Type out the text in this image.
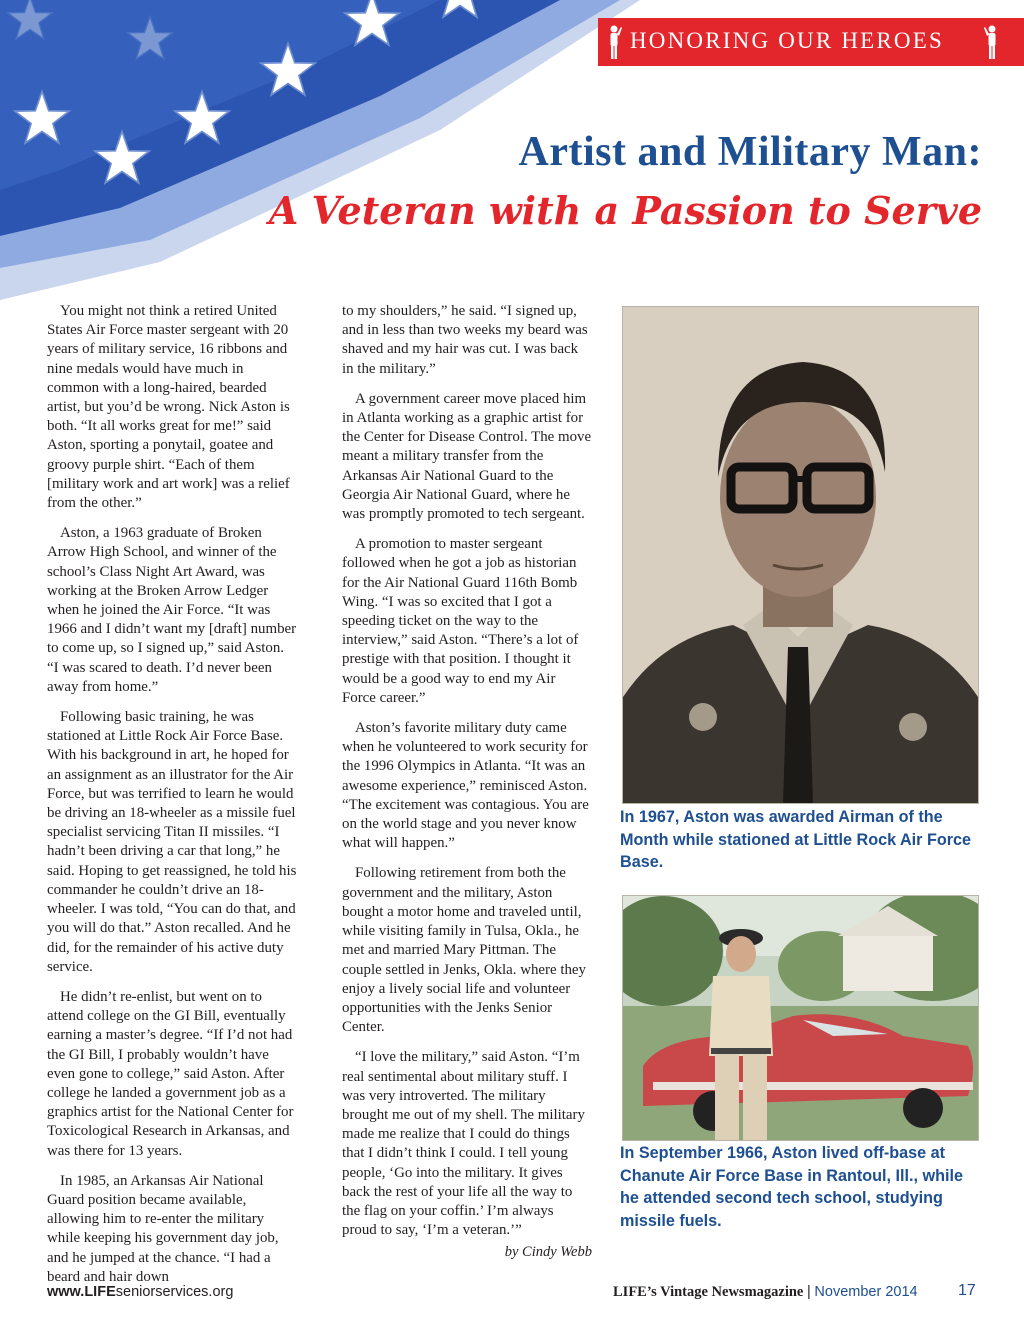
HONORING OUR HEROES
Artist and Military Man:
A Veteran with a Passion to Serve

You might not think a retired United States Air Force master sergeant with 20 years of military service, 16 ribbons and nine medals would have much in common with a long-haired, bearded artist, but you’d be wrong. Nick Aston is both. “It all works great for me!” said Aston, sporting a ponytail, goatee and groovy purple shirt. “Each of them [military work and art work] was a relief from the other.”

Aston, a 1963 graduate of Broken Arrow High School, and winner of the school’s Class Night Art Award, was working at the Broken Arrow Ledger when he joined the Air Force. “It was 1966 and I didn’t want my [draft] number to come up, so I signed up,” said Aston. “I was scared to death. I’d never been away from home.”

Following basic training, he was stationed at Little Rock Air Force Base. With his background in art, he hoped for an assignment as an illustrator for the Air Force, but was terrified to learn he would be driving an 18-wheeler as a missile fuel specialist servicing Titan II missiles. “I hadn’t been driving a car that long,” he said. Hoping to get reassigned, he told his commander he couldn’t drive an 18-wheeler. I was told, “You can do that, and you will do that.” Aston recalled. And he did, for the remainder of his active duty service.

He didn’t re-enlist, but went on to attend college on the GI Bill, eventually earning a master’s degree. “If I’d not had the GI Bill, I probably wouldn’t have even gone to college,” said Aston. After college he landed a government job as a graphics artist for the National Center for Toxicological Research in Arkansas, and was there for 13 years.

In 1985, an Arkansas Air National Guard position became available, allowing him to re-enter the military while keeping his government day job, and he jumped at the chance. “I had a beard and hair down

to my shoulders,” he said. “I signed up, and in less than two weeks my beard was shaved and my hair was cut. I was back in the military.”

A government career move placed him in Atlanta working as a graphic artist for the Center for Disease Control. The move meant a military transfer from the Arkansas Air National Guard to the Georgia Air National Guard, where he was promptly promoted to tech sergeant.

A promotion to master sergeant followed when he got a job as historian for the Air National Guard 116th Bomb Wing. “I was so excited that I got a speeding ticket on the way to the interview,” said Aston. “There’s a lot of prestige with that position. I thought it would be a good way to end my Air Force career.”

Aston’s favorite military duty came when he volunteered to work security for the 1996 Olympics in Atlanta. “It was an awesome experience,” reminisced Aston. “The excitement was contagious. You are on the world stage and you never know what will happen.”

Following retirement from both the government and the military, Aston bought a motor home and traveled until, while visiting family in Tulsa, Okla., he met and married Mary Pittman. The couple settled in Jenks, Okla. where they enjoy a lively social life and volunteer opportunities with the Jenks Senior Center.

“I love the military,” said Aston. “I’m real sentimental about military stuff. I was very introverted. The military brought me out of my shell. The military made me realize that I could do things that I didn’t think I could. I tell young people, ‘Go into the military. It gives back the rest of your life all the way to the flag on your coffin.’ I’m always proud to say, ‘I’m a veteran.’”

by Cindy Webb
In 1967, Aston was awarded Airman of the Month while stationed at Little Rock Air Force Base.
In September 1966, Aston lived off-base at Chanute Air Force Base in Rantoul, Ill., while he attended second tech school, studying missile fuels.
www.LIFEseniorservices.org	LIFE’s Vintage Newsmagazine | November 2014	17
